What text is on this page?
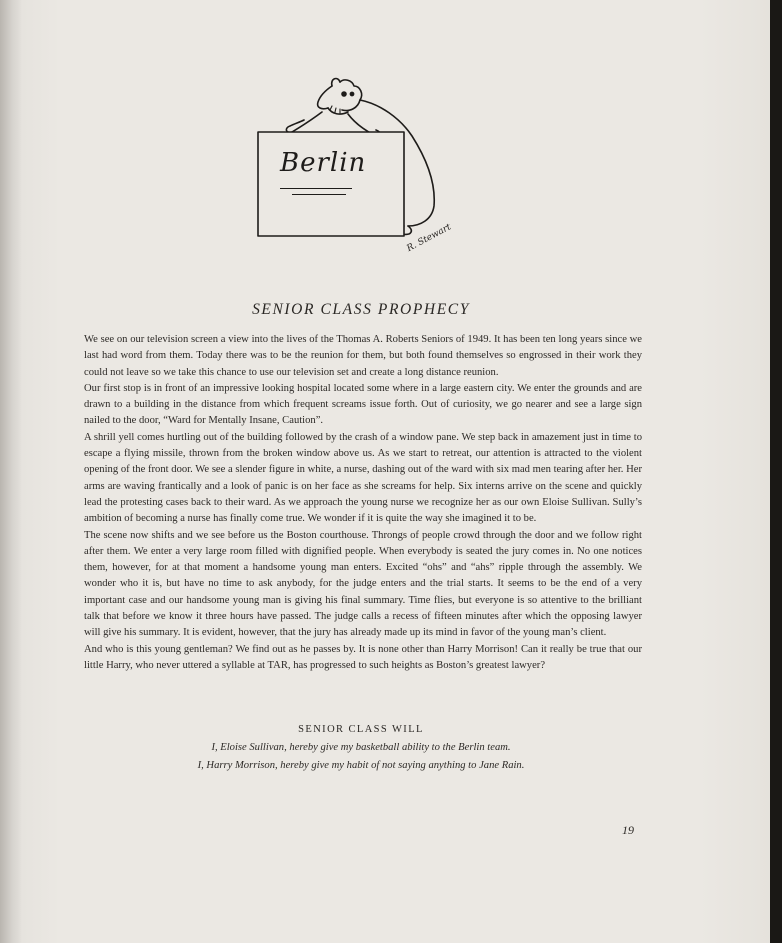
Berlin
R. Stewart
SENIOR CLASS PROPHECY

We see on our television screen a view into the lives of the Thomas A. Roberts Seniors of 1949. It has been ten long years since we last had word from them. Today there was to be the reunion for them, but both found themselves so engrossed in their work they could not leave so we take this chance to use our television set and create a long distance reunion.

Our first stop is in front of an impressive looking hospital located some where in a large eastern city. We enter the grounds and are drawn to a building in the distance from which frequent screams issue forth. Out of curiosity, we go nearer and see a large sign nailed to the door, “Ward for Mentally Insane, Caution”.

A shrill yell comes hurtling out of the building followed by the crash of a window pane. We step back in amazement just in time to escape a flying missile, thrown from the broken window above us. As we start to retreat, our attention is attracted to the violent opening of the front door. We see a slender figure in white, a nurse, dashing out of the ward with six mad men tearing after her. Her arms are waving frantically and a look of panic is on her face as she screams for help. Six interns arrive on the scene and quickly lead the protesting cases back to their ward. As we approach the young nurse we recognize her as our own Eloise Sullivan. Sully’s ambition of becoming a nurse has finally come true. We wonder if it is quite the way she imagined it to be.

The scene now shifts and we see before us the Boston courthouse. Throngs of people crowd through the door and we follow right after them. We enter a very large room filled with dignified people. When everybody is seated the jury comes in. No one notices them, however, for at that moment a handsome young man enters. Excited “ohs” and “ahs” ripple through the assembly. We wonder who it is, but have no time to ask anybody, for the judge enters and the trial starts. It seems to be the end of a very important case and our handsome young man is giving his final summary. Time flies, but everyone is so attentive to the brilliant talk that before we know it three hours have passed. The judge calls a recess of fifteen minutes after which the opposing lawyer will give his summary. It is evident, however, that the jury has already made up its mind in favor of the young man’s client.

And who is this young gentleman? We find out as he passes by. It is none other than Harry Morrison! Can it really be true that our little Harry, who never uttered a syllable at TAR, has progressed to such heights as Boston’s greatest lawyer?

SENIOR CLASS WILL
I, Eloise Sullivan, hereby give my basketball ability to the Berlin team.
I, Harry Morrison, hereby give my habit of not saying anything to Jane Rain.
19
